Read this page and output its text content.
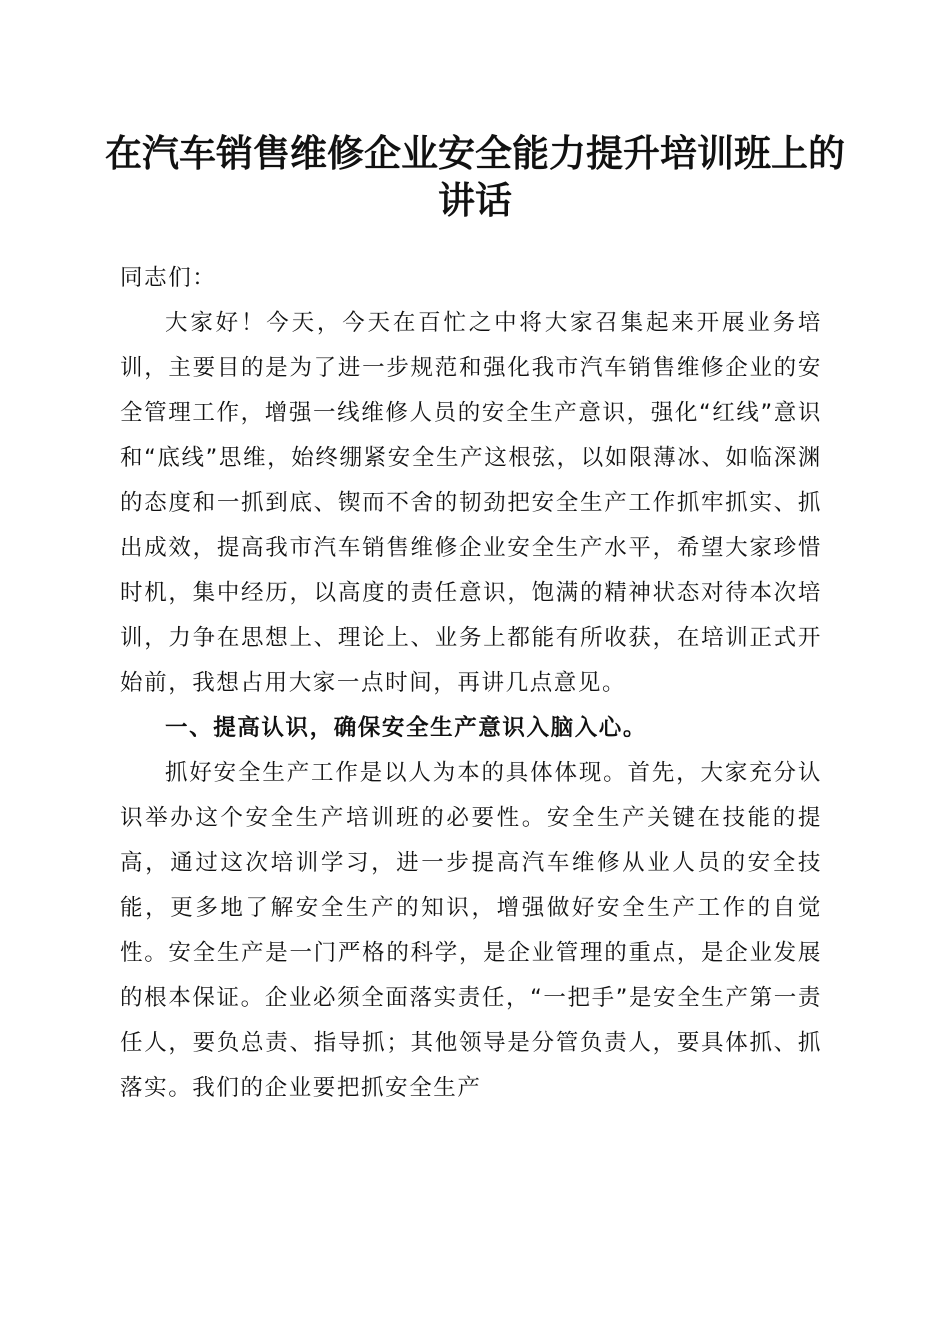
在汽车销售维修企业安全能力提升培训班上的讲话

同志们：

大家好！今天，今天在百忙之中将大家召集起来开展业务培训，主要目的是为了进一步规范和强化我市汽车销售维修企业的安全管理工作，增强一线维修人员的安全生产意识，强化“红线”意识和“底线”思维，始终绷紧安全生产这根弦，以如限薄冰、如临深渊的态度和一抓到底、锲而不舍的韧劲把安全生产工作抓牢抓实、抓出成效，提高我市汽车销售维修企业安全生产水平，希望大家珍惜时机，集中经历，以高度的责任意识，饱满的精神状态对待本次培训，力争在思想上、理论上、业务上都能有所收获，在培训正式开始前，我想占用大家一点时间，再讲几点意见。

一、提高认识，确保安全生产意识入脑入心。

抓好安全生产工作是以人为本的具体体现。首先，大家充分认识举办这个安全生产培训班的必要性。安全生产关键在技能的提高，通过这次培训学习，进一步提高汽车维修从业人员的安全技能，更多地了解安全生产的知识，增强做好安全生产工作的自觉性。安全生产是一门严格的科学，是企业管理的重点，是企业发展的根本保证。企业必须全面落实责任，“一把手”是安全生产第一责任人，要负总责、指导抓；其他领导是分管负责人，要具体抓、抓落实。我们的企业要把抓安全生产
